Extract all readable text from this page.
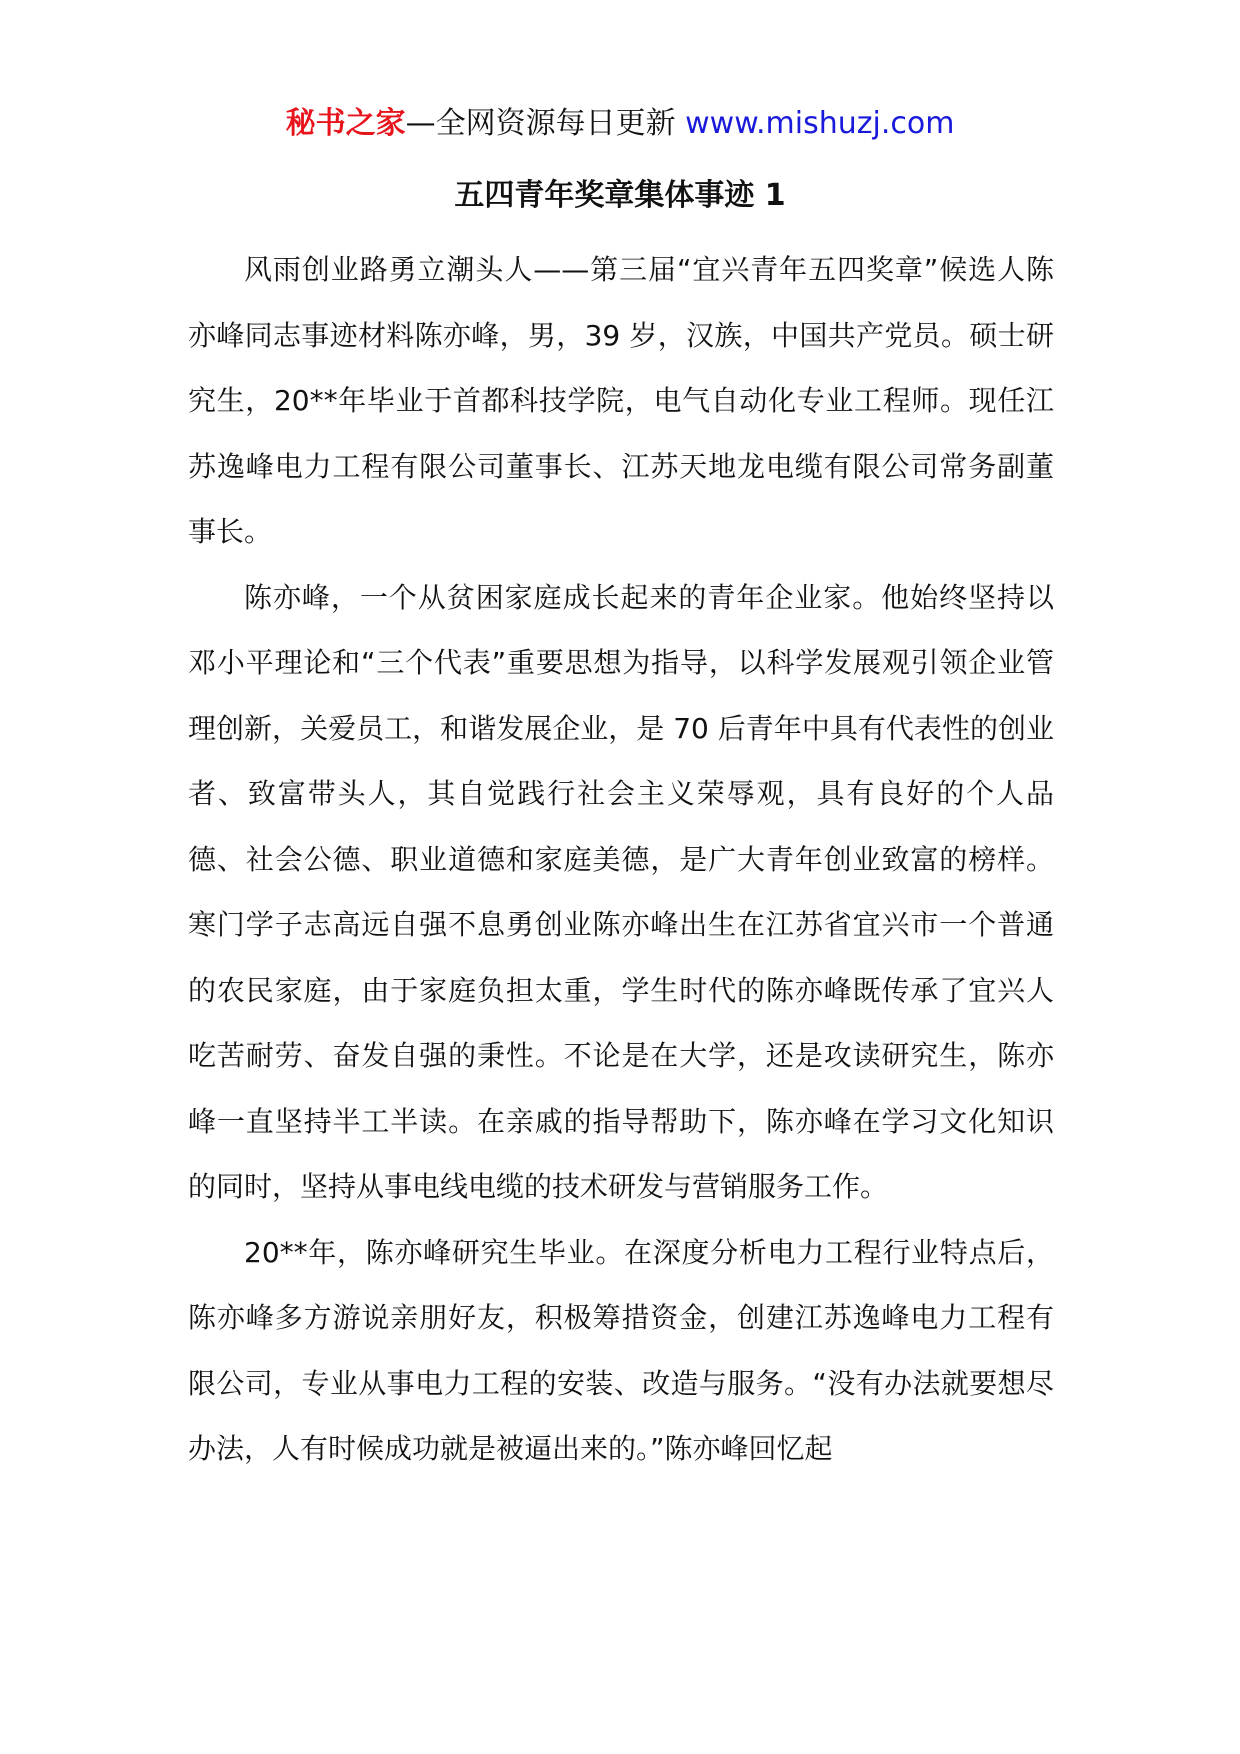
秘书之家—全网资源每日更新 www.mishuzj.com
五四青年奖章集体事迹 1

风雨创业路勇立潮头人——第三届“宜兴青年五四奖章”候选人陈亦峰同志事迹材料陈亦峰，男，39 岁，汉族，中国共产党员。硕士研究生，20**年毕业于首都科技学院，电气自动化专业工程师。现任江苏逸峰电力工程有限公司董事长、江苏天地龙电缆有限公司常务副董事长。

陈亦峰，一个从贫困家庭成长起来的青年企业家。他始终坚持以邓小平理论和“三个代表”重要思想为指导，以科学发展观引领企业管理创新，关爱员工，和谐发展企业，是 70 后青年中具有代表性的创业者、致富带头人，其自觉践行社会主义荣辱观，具有良好的个人品德、社会公德、职业道德和家庭美德，是广大青年创业致富的榜样。寒门学子志高远自强不息勇创业陈亦峰出生在江苏省宜兴市一个普通的农民家庭，由于家庭负担太重，学生时代的陈亦峰既传承了宜兴人吃苦耐劳、奋发自强的秉性。不论是在大学，还是攻读研究生，陈亦峰一直坚持半工半读。在亲戚的指导帮助下，陈亦峰在学习文化知识的同时，坚持从事电线电缆的技术研发与营销服务工作。

20**年，陈亦峰研究生毕业。在深度分析电力工程行业特点后，陈亦峰多方游说亲朋好友，积极筹措资金，创建江苏逸峰电力工程有限公司，专业从事电力工程的安装、改造与服务。“没有办法就要想尽办法，人有时候成功就是被逼出来的。”陈亦峰回忆起
